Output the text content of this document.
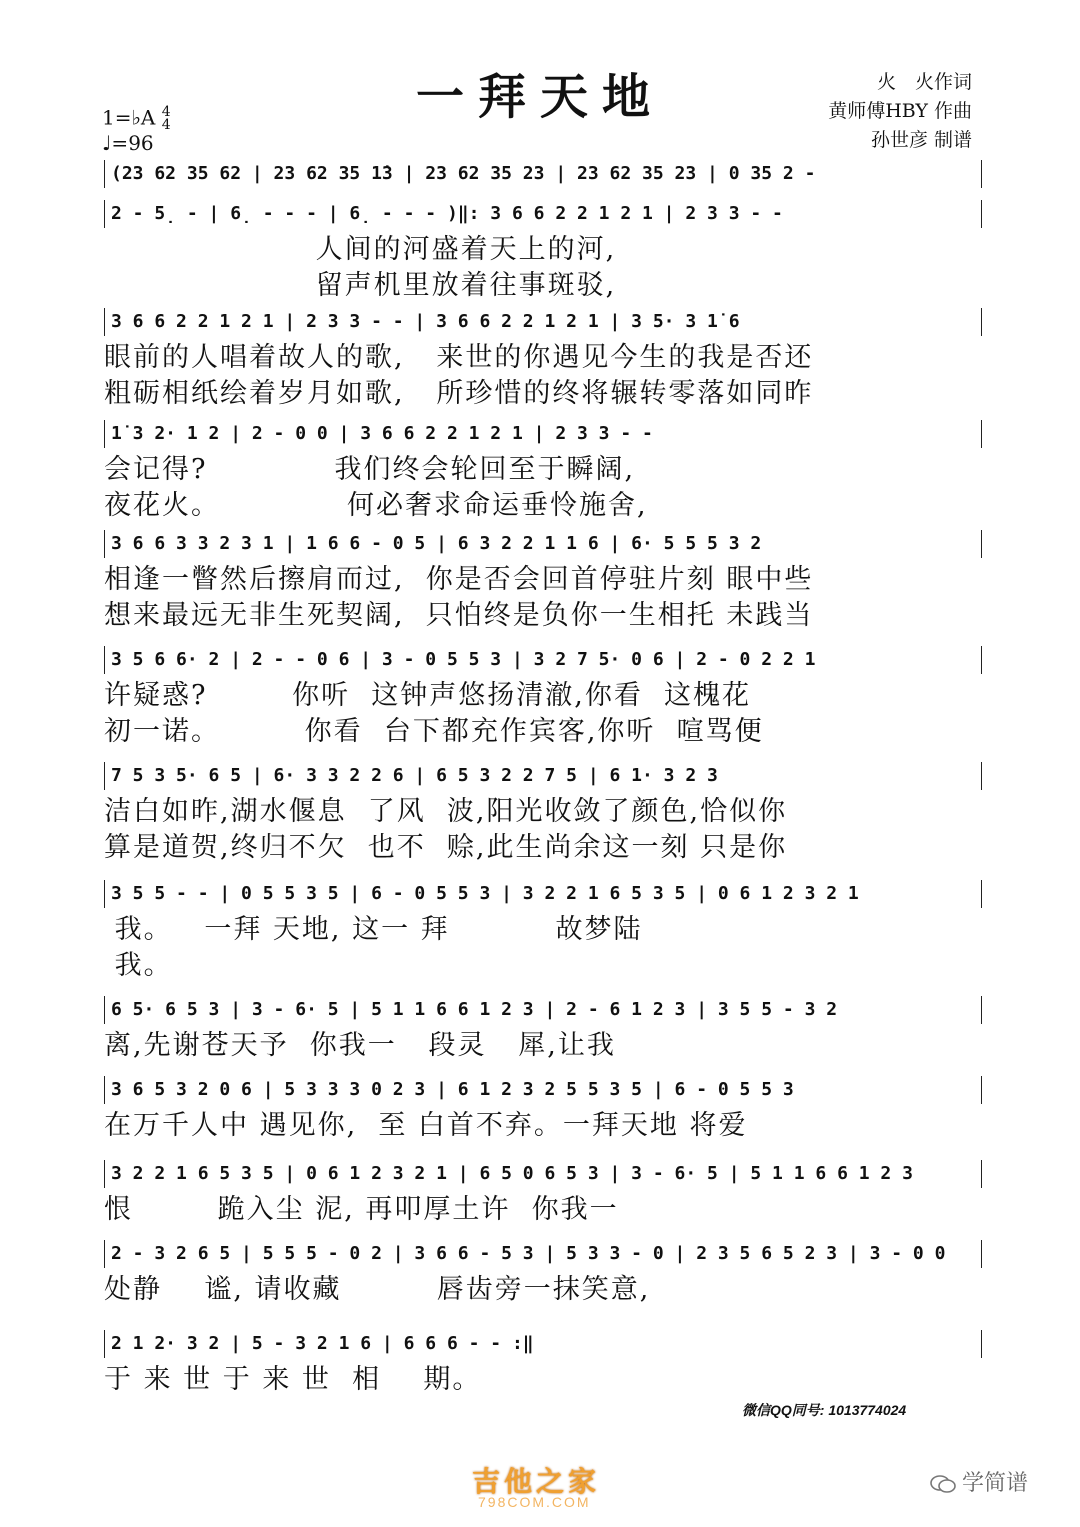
一拜天地	火　火作词
黄师傅HBY 作曲
孙世彦 制谱
1=♭A 4
4
♩=96
(23 62 35 62 | 23 62 35 1̇3 | 23 62 35 23 | 23 62 35 23 | 0 35 2 -
2 - 5̣ - | 6̣ - - - | 6̣ - - - )‖: 3 6 6 2 2 1 2 1 | 2 3 3 - -
人间的河盛着天上的河,
留声机里放着往事斑驳,
3 6 6 2 2 1 2 1 | 2 3 3 - - | 3 6 6 2 2 1 2 1 | 3 5· 3 1̇ 6
眼前的人唱着故人的歌,   来世的你遇见今生的我是否还
粗砺相纸绘着岁月如歌,   所珍惜的终将辗转零落如同昨
1̇ 3 2· 1 2 | 2 - 0 0 | 3 6 6 2 2 1 2 1 | 2 3 3 - -
会记得?            我们终会轮回至于瞬阔,
夜花火。            何必奢求命运垂怜施舍,
3 6 6 3 3 2 3 1 | 1 6 6 - 0 5 | 6 3 2 2 1 1 6 | 6· 5 5 5 3 2
相逢一瞥然后擦肩而过,  你是否会回首停驻片刻 眼中些
想来最远无非生死契阔,  只怕终是负你一生相托 未践当
3 5 6 6· 2 | 2 - - 0 6 | 3 - 0 5 5 3 | 3 2 7 5· 0 6 | 2 - 0 2 2 1
许疑惑?        你听  这钟声悠扬清澈,你看  这槐花
初一诺。        你看  台下都充作宾客,你听  喧骂便
7 5 3 5· 6 5 | 6· 3 3 2 2 6 | 6 5 3 2 2 7 5 | 6 1· 3 2 3
洁白如昨,湖水偃息  了风  波,阳光收敛了颜色,恰似你
算是道贺,终归不欠  也不  赊,此生尚余这一刻 只是你
3 5 5 - - | 0 5 5 3 5 | 6 - 0 5 5 3 | 3 2 2 1 6 5 3 5 | 0 6 1 2 3 2 1
我。   一拜 天地, 这一 拜          故梦陆
我。
6 5· 6 5 3 | 3 - 6· 5 | 5 1 1 6 6 1 2 3 | 2 - 6 1 2 3 | 3 5 5 - 3 2
离,先谢苍天予  你我一   段灵   犀,让我
3 6 5 3 2 0 6 | 5 3 3 3 0 2 3 | 6 1 2 3 2 5 5 3 5 | 6 - 0 5 5 3
在万千人中 遇见你,  至 白首不弃。一拜天地 将爱
3 2 2 1 6 5 3 5 | 0 6 1 2 3 2 1 | 6 5 0 6 5 3 | 3 - 6· 5 | 5 1 1 6 6 1 2 3
恨        跪入尘 泥, 再叩厚土许  你我一
2 - 3 2 6 5 | 5 5 5 - 0 2 | 3 6 6 - 5 3 | 5 3 3 - 0 | 2 3 5 6 5 2 3 | 3 - 0 0
处静    谧, 请收藏         唇齿旁一抹笑意,
2 1 2· 3 2 | 5 - 3 2 1 6 | 6 6 6 - - :‖
于 来 世 于 来 世  相    期。
微信QQ同号: 1013774024
吉他之家
798COM.COM
学简谱
